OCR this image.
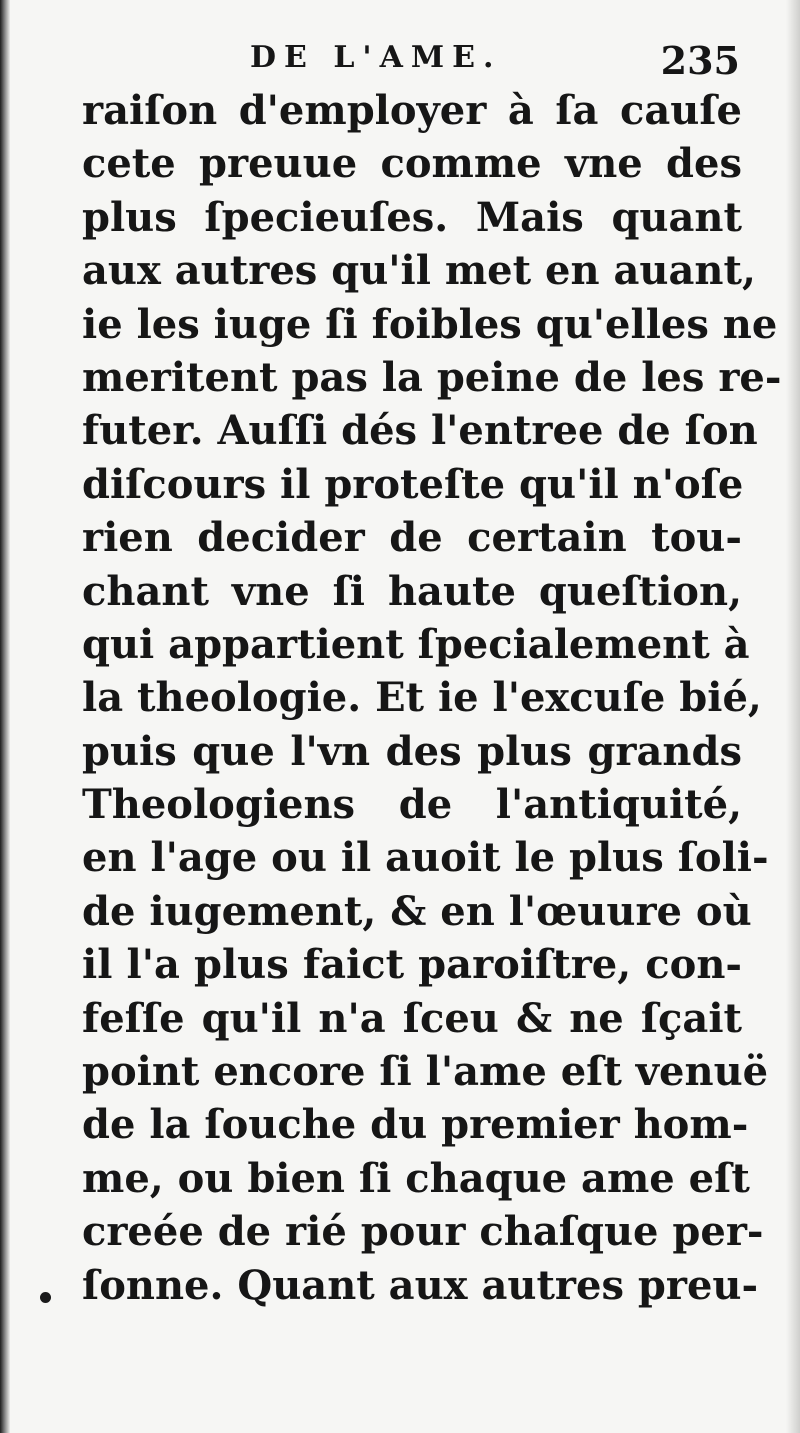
DE L'AME.	235
raiſon d'employer à ſa cauſe
cete preuue comme vne des
plus ſpecieuſes. Mais quant
aux autres qu'il met en auant,
ie les iuge ſi foibles qu'elles ne
meritent pas la peine de les re-
futer. Auſſi dés l'entree de ſon
diſcours il proteſte qu'il n'oſe
rien decider de certain tou-
chant vne ſi haute queſtion,
qui appartient ſpecialement à
la theologie. Et ie l'excuſe bié,
puis que l'vn des plus grands
Theologiens de l'antiquité,
en l'age ou il auoit le plus ſoli-
de iugement, & en l'œuure où
il l'a plus faict paroiſtre, con-
feſſe qu'il n'a ſceu & ne ſçait
point encore ſi l'ame eſt venuë
de la ſouche du premier hom-
me, ou bien ſi chaque ame eſt
creée de rié pour chaſque per-
ſonne. Quant aux autres preu-
